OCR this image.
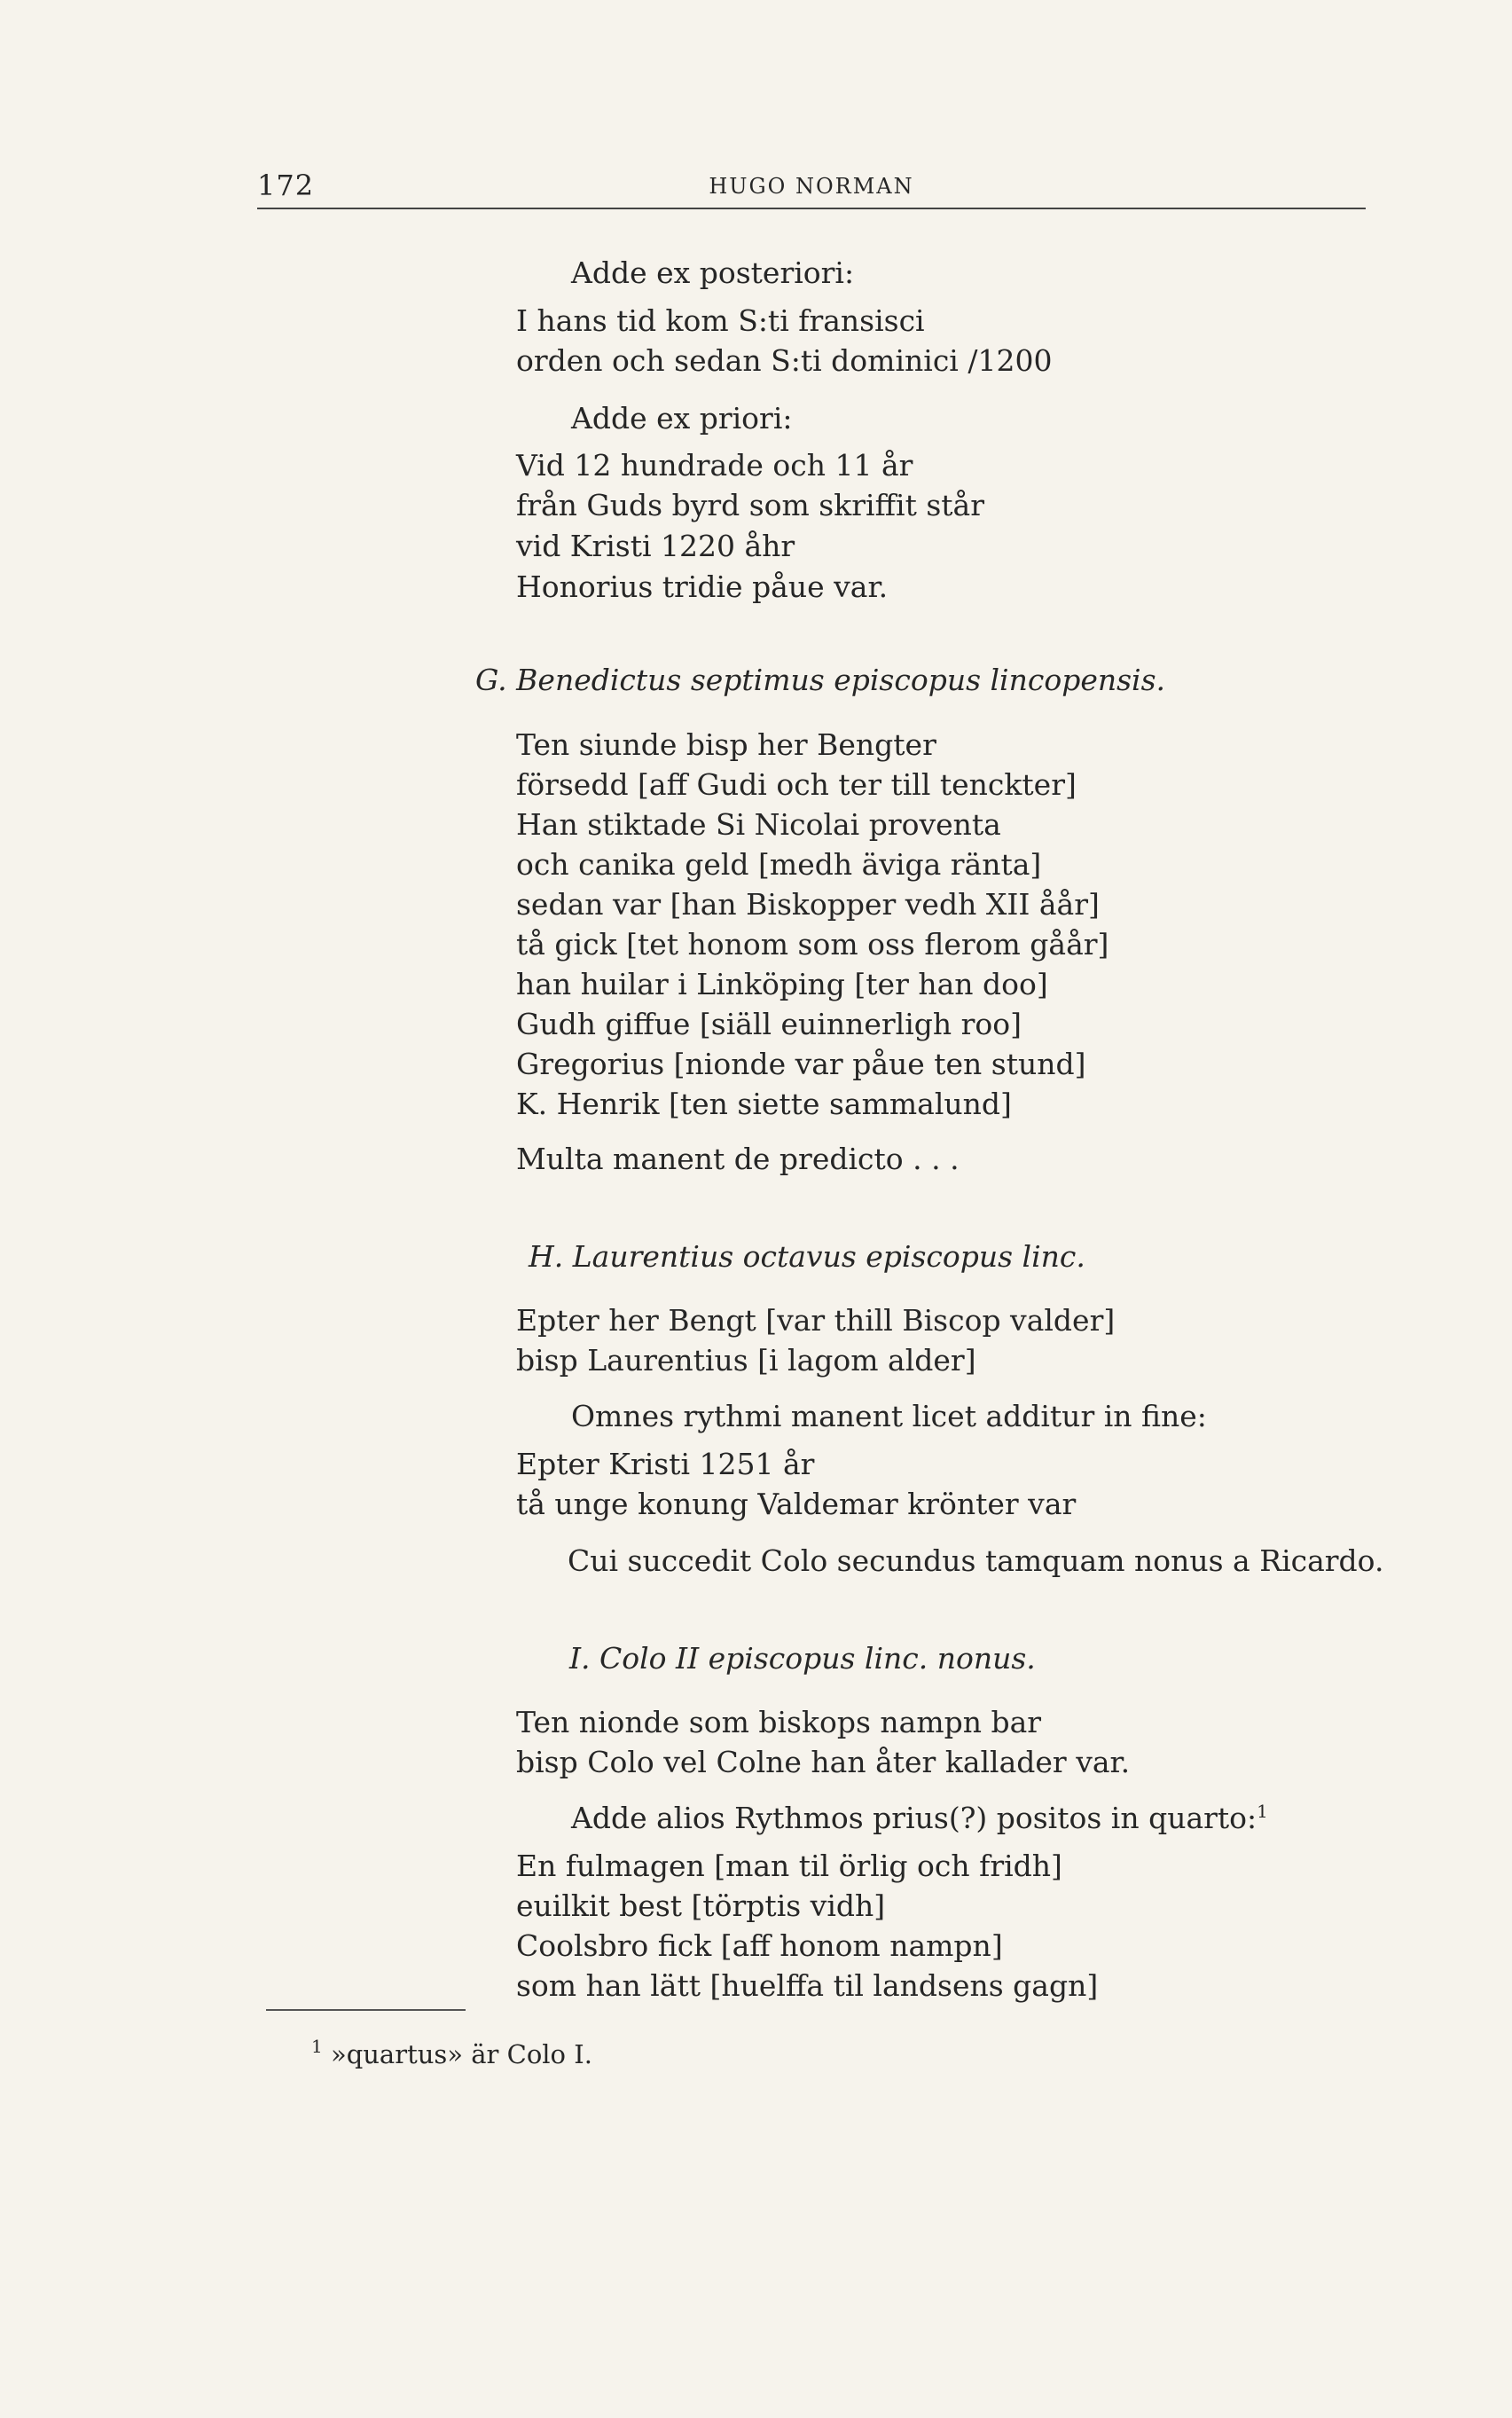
172	HUGO NORMAN
Adde ex posteriori:
I hans tid kom S:ti fransisci
orden och sedan S:ti dominici /1200
Adde ex priori:
Vid 12 hundrade och 11 år
från Guds byrd som skriffit står
vid Kristi 1220 åhr
Honorius tridie påue var.
G. Benedictus septimus episcopus lincopensis.
Ten siunde bisp her Bengter
försedd [aff Gudi och ter till tenckter]
Han stiktade Si Nicolai proventa
och canika geld [medh äviga ränta]
sedan var [han Biskopper vedh XII åår]
tå gick [tet honom som oss flerom gåår]
han huilar i Linköping [ter han doo]
Gudh giffue [siäll euinnerligh roo]
Gregorius [nionde var påue ten stund]
K. Henrik [ten siette sammalund]
Multa manent de predicto . . .
H. Laurentius octavus episcopus linc.
Epter her Bengt [var thill Biscop valder]
bisp Laurentius [i lagom alder]
Omnes rythmi manent licet additur in fine:
Epter Kristi 1251 år
tå unge konung Valdemar krönter var
Cui succedit Colo secundus tamquam nonus a Ricardo.
I. Colo II episcopus linc. nonus.
Ten nionde som biskops nampn bar
bisp Colo vel Colne han åter kallader var.
Adde alios Rythmos prius(?) positos in quarto:$^1$
En fulmagen [man til örlig och fridh]
euilkit best [törptis vidh]
Coolsbro fick [aff honom nampn]
som han lätt [huelffa til landsens gagn]
$^1$ »quartus» är Colo I.
